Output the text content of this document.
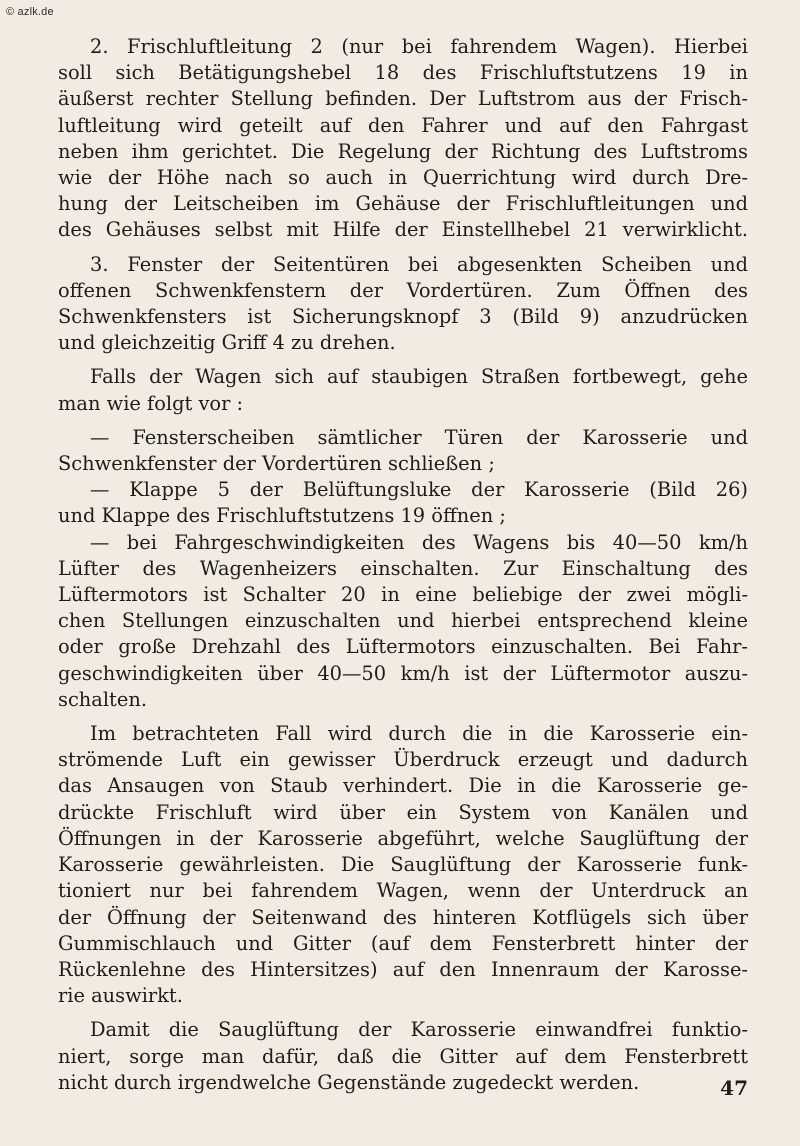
© azlk.de
2. Frischluftleitung 2 (nur bei fahrendem Wagen). Hierbei
soll sich Betätigungshebel 18 des Frischluftstutzens 19 in
äußerst rechter Stellung befinden. Der Luftstrom aus der Frisch-
luftleitung wird geteilt auf den Fahrer und auf den Fahrgast
neben ihm gerichtet. Die Regelung der Richtung des Luftstroms
wie der Höhe nach so auch in Querrichtung wird durch Dre-
hung der Leitscheiben im Gehäuse der Frischluftleitungen und
des Gehäuses selbst mit Hilfe der Einstellhebel 21 verwirklicht.
3. Fenster der Seitentüren bei abgesenkten Scheiben und
offenen Schwenkfenstern der Vordertüren. Zum Öffnen des
Schwenkfensters ist Sicherungsknopf 3 (Bild 9) anzudrücken
und gleichzeitig Griff 4 zu drehen.
Falls der Wagen sich auf staubigen Straßen fortbewegt, gehe
man wie folgt vor :
— Fensterscheiben sämtlicher Türen der Karosserie und
Schwenkfenster der Vordertüren schließen ;
— Klappe 5 der Belüftungsluke der Karosserie (Bild 26)
und Klappe des Frischluftstutzens 19 öffnen ;
— bei Fahrgeschwindigkeiten des Wagens bis 40—50 km/h
Lüfter des Wagenheizers einschalten. Zur Einschaltung des
Lüftermotors ist Schalter 20 in eine beliebige der zwei mögli-
chen Stellungen einzuschalten und hierbei entsprechend kleine
oder große Drehzahl des Lüftermotors einzuschalten. Bei Fahr-
geschwindigkeiten über 40—50 km/h ist der Lüftermotor auszu-
schalten.
Im betrachteten Fall wird durch die in die Karosserie ein-
strömende Luft ein gewisser Überdruck erzeugt und dadurch
das Ansaugen von Staub verhindert. Die in die Karosserie ge-
drückte Frischluft wird über ein System von Kanälen und
Öffnungen in der Karosserie abgeführt, welche Sauglüftung der
Karosserie gewährleisten. Die Sauglüftung der Karosserie funk-
tioniert nur bei fahrendem Wagen, wenn der Unterdruck an
der Öffnung der Seitenwand des hinteren Kotflügels sich über
Gummischlauch und Gitter (auf dem Fensterbrett hinter der
Rückenlehne des Hintersitzes) auf den Innenraum der Karosse-
rie auswirkt.
Damit die Sauglüftung der Karosserie einwandfrei funktio-
niert, sorge man dafür, daß die Gitter auf dem Fensterbrett
nicht durch irgendwelche Gegenstände zugedeckt werden.	47
